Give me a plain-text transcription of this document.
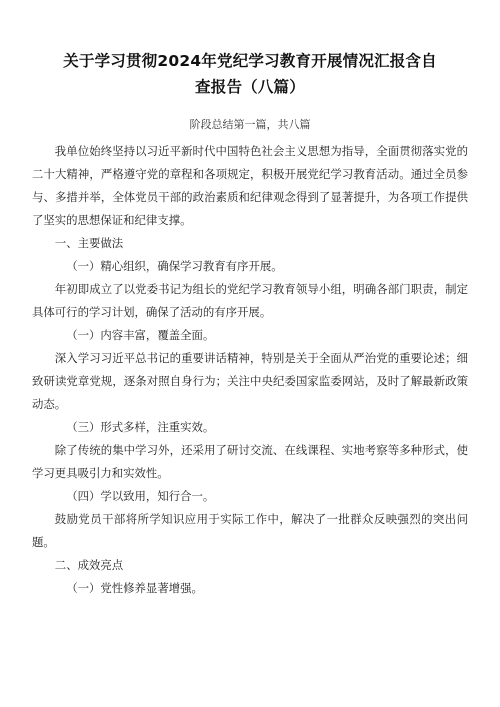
关于学习贯彻2024年党纪学习教育开展情况汇报含自查报告（八篇）

阶段总结第一篇，共八篇

我单位始终坚持以习近平新时代中国特色社会主义思想为指导，全面贯彻落实党的二十大精神，严格遵守党的章程和各项规定，积极开展党纪学习教育活动。通过全员参与、多措并举，全体党员干部的政治素质和纪律观念得到了显著提升，为各项工作提供了坚实的思想保证和纪律支撑。

一、主要做法

（一）精心组织，确保学习教育有序开展。

年初即成立了以党委书记为组长的党纪学习教育领导小组，明确各部门职责，制定具体可行的学习计划，确保了活动的有序开展。

（一）内容丰富，覆盖全面。

深入学习习近平总书记的重要讲话精神，特别是关于全面从严治党的重要论述；细致研读党章党规，逐条对照自身行为；关注中央纪委国家监委网站，及时了解最新政策动态。

（三）形式多样，注重实效。

除了传统的集中学习外，还采用了研讨交流、在线课程、实地考察等多种形式，使学习更具吸引力和实效性。

（四）学以致用，知行合一。

鼓励党员干部将所学知识应用于实际工作中，解决了一批群众反映强烈的突出问题。

二、成效亮点

（一）党性修养显著增强。
